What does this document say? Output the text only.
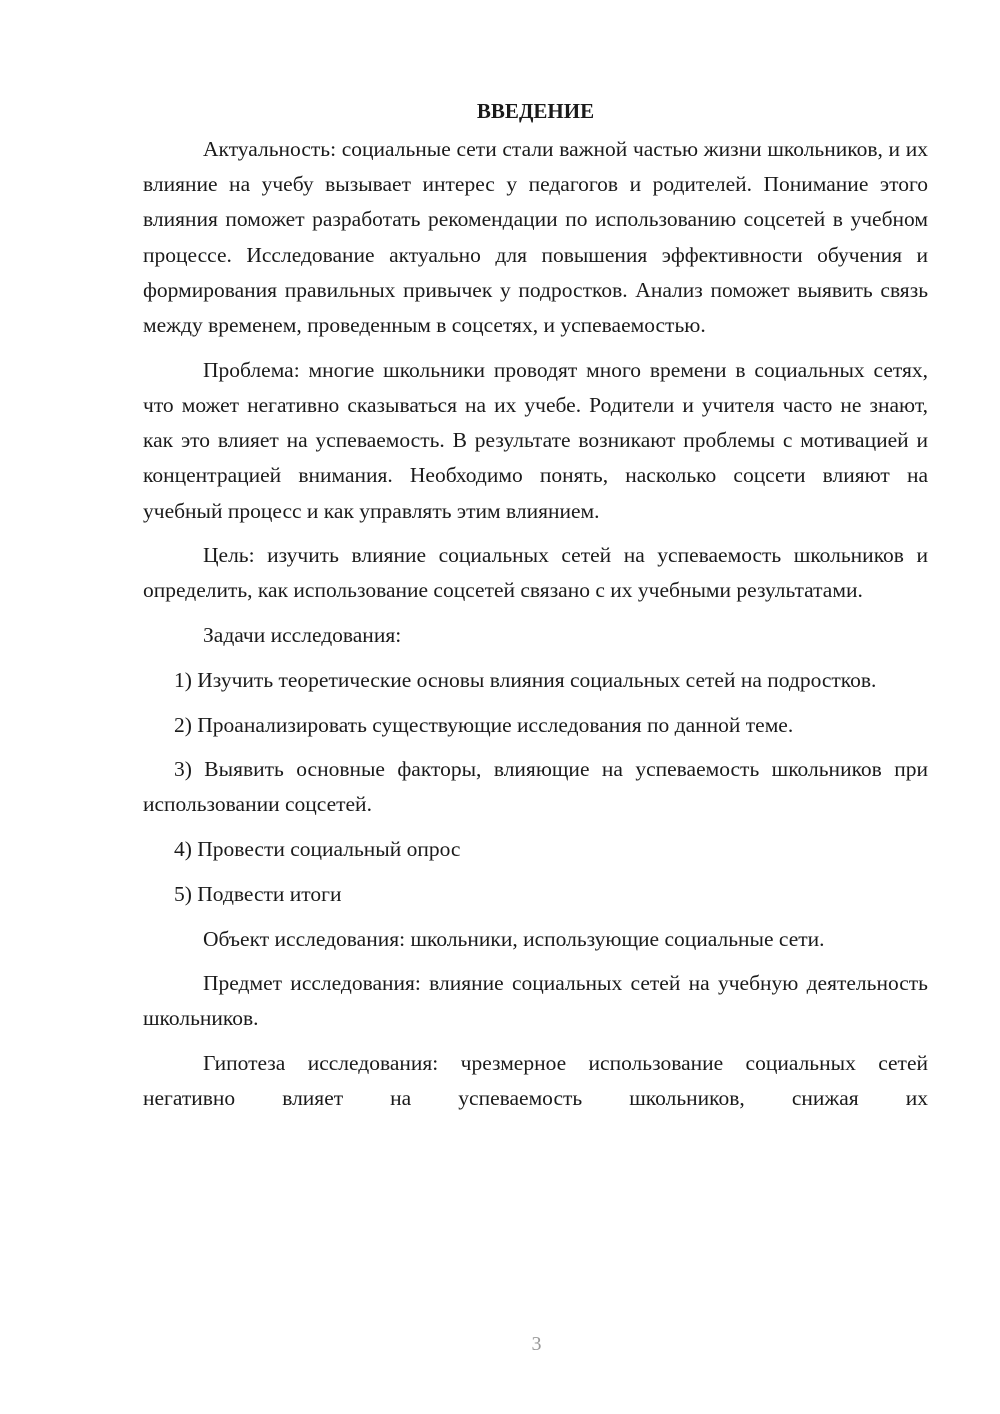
ВВЕДЕНИЕ

Актуальность: социальные сети стали важной частью жизни школьников, и их влияние на учебу вызывает интерес у педагогов и родителей. Понимание этого влияния поможет разработать рекомендации по использованию соцсетей в учебном процессе. Исследование актуально для повышения эффективности обучения и формирования правильных привычек у подростков. Анализ поможет выявить связь между временем, проведенным в соцсетях, и успеваемостью.

Проблема: многие школьники проводят много времени в социальных сетях, что может негативно сказываться на их учебе. Родители и учителя часто не знают, как это влияет на успеваемость. В результате возникают проблемы с мотивацией и концентрацией внимания. Необходимо понять, насколько соцсети влияют на учебный процесс и как управлять этим влиянием.

Цель: изучить влияние социальных сетей на успеваемость школьников и определить, как использование соцсетей связано с их учебными результатами.

Задачи исследования:

1) Изучить теоретические основы влияния социальных сетей на подростков.

2) Проанализировать существующие исследования по данной теме.

3) Выявить основные факторы, влияющие на успеваемость школьников при использовании соцсетей.

4) Провести социальный опрос

5) Подвести итоги

Объект исследования: школьники, использующие социальные сети.

Предмет исследования: влияние социальных сетей на учебную деятельность школьников.

Гипотеза исследования: чрезмерное использование социальных сетей негативно влияет на успеваемость школьников, снижая их

3
